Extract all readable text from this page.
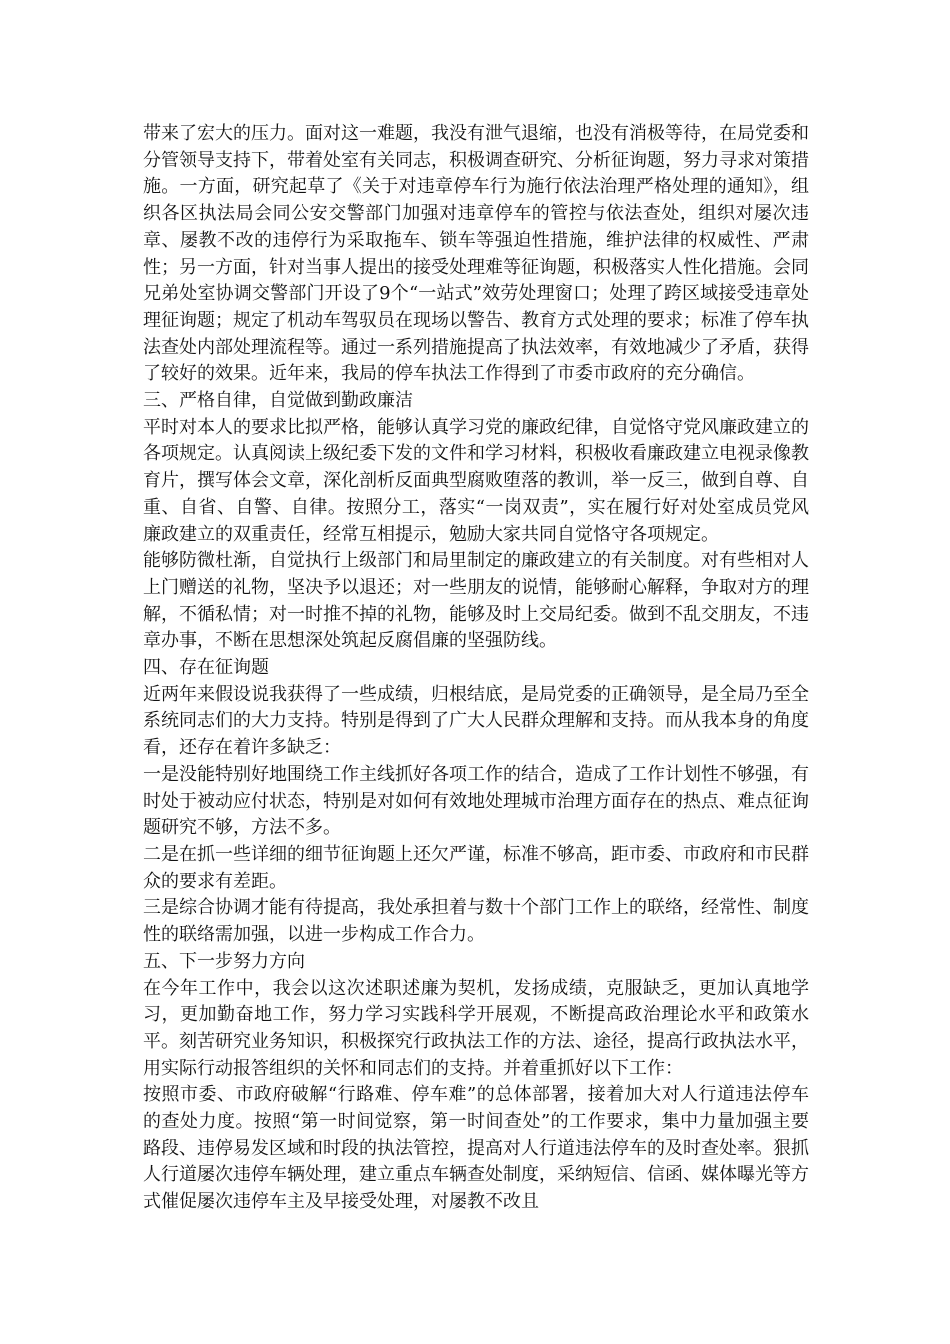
带来了宏大的压力。面对这一难题，我没有泄气退缩，也没有消极等待，在局党委和分管领导支持下，带着处室有关同志，积极调查研究、分析征询题，努力寻求对策措施。一方面，研究起草了《关于对违章停车行为施行依法治理严格处理的通知》，组织各区执法局会同公安交警部门加强对违章停车的管控与依法查处，组织对屡次违章、屡教不改的违停行为采取拖车、锁车等强迫性措施，维护法律的权威性、严肃性；另一方面，针对当事人提出的接受处理难等征询题，积极落实人性化措施。会同兄弟处室协调交警部门开设了9个“一站式”效劳处理窗口；处理了跨区域接受违章处理征询题；规定了机动车驾驭员在现场以警告、教育方式处理的要求；标准了停车执法查处内部处理流程等。通过一系列措施提高了执法效率，有效地减少了矛盾，获得了较好的效果。近年来，我局的停车执法工作得到了市委市政府的充分确信。

三、严格自律，自觉做到勤政廉洁

平时对本人的要求比拟严格，能够认真学习党的廉政纪律，自觉恪守党风廉政建立的各项规定。认真阅读上级纪委下发的文件和学习材料，积极收看廉政建立电视录像教育片，撰写体会文章，深化剖析反面典型腐败堕落的教训，举一反三，做到自尊、自重、自省、自警、自律。按照分工，落实“一岗双责”，实在履行好对处室成员党风廉政建立的双重责任，经常互相提示，勉励大家共同自觉恪守各项规定。

能够防微杜渐，自觉执行上级部门和局里制定的廉政建立的有关制度。对有些相对人上门赠送的礼物，坚决予以退还；对一些朋友的说情，能够耐心解释，争取对方的理解，不循私情；对一时推不掉的礼物，能够及时上交局纪委。做到不乱交朋友，不违章办事，不断在思想深处筑起反腐倡廉的坚强防线。

四、存在征询题

近两年来假设说我获得了一些成绩，归根结底，是局党委的正确领导，是全局乃至全系统同志们的大力支持。特别是得到了广大人民群众理解和支持。而从我本身的角度看，还存在着许多缺乏：

一是没能特别好地围绕工作主线抓好各项工作的结合，造成了工作计划性不够强，有时处于被动应付状态，特别是对如何有效地处理城市治理方面存在的热点、难点征询题研究不够，方法不多。

二是在抓一些详细的细节征询题上还欠严谨，标准不够高，距市委、市政府和市民群众的要求有差距。

三是综合协调才能有待提高，我处承担着与数十个部门工作上的联络，经常性、制度性的联络需加强，以进一步构成工作合力。

五、下一步努力方向

在今年工作中，我会以这次述职述廉为契机，发扬成绩，克服缺乏，更加认真地学习，更加勤奋地工作，努力学习实践科学开展观，不断提高政治理论水平和政策水平。刻苦研究业务知识，积极探究行政执法工作的方法、途径，提高行政执法水平，用实际行动报答组织的关怀和同志们的支持。并着重抓好以下工作：

按照市委、市政府破解“行路难、停车难”的总体部署，接着加大对人行道违法停车的查处力度。按照“第一时间觉察，第一时间查处”的工作要求，集中力量加强主要路段、违停易发区域和时段的执法管控，提高对人行道违法停车的及时查处率。狠抓人行道屡次违停车辆处理，建立重点车辆查处制度，采纳短信、信函、媒体曝光等方式催促屡次违停车主及早接受处理，对屡教不改且
